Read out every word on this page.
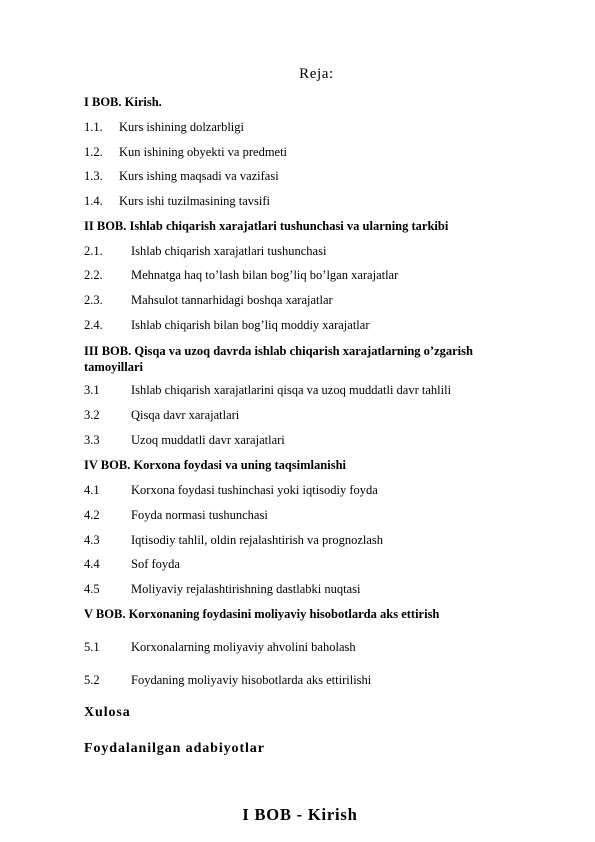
Reja:
I BOB. Kirish.
1.1. Kurs ishining dolzarbligi
1.2. Kun ishining obyekti va predmeti
1.3. Kurs ishing maqsadi va vazifasi
1.4. Kurs ishi tuzilmasining tavsifi
II BOB. Ishlab chiqarish xarajatlari tushunchasi va ularning tarkibi
2.1. Ishlab chiqarish xarajatlari tushunchasi
2.2. Mehnatga haq to’lash bilan bog’liq bo’lgan xarajatlar
2.3. Mahsulot tannarhidagi boshqa xarajatlar
2.4. Ishlab chiqarish bilan bog’liq moddiy xarajatlar
III BOB. Qisqa va uzoq davrda ishlab chiqarish xarajatlarning o’zgarish tamoyillari
3.1	Ishlab chiqarish xarajatlarini qisqa va uzoq muddatli davr tahlili
3.2	Qisqa davr xarajatlari
3.3	Uzoq muddatli davr xarajatlari
IV BOB. Korxona foydasi va uning taqsimlanishi
4.1	Korxona foydasi tushinchasi yoki iqtisodiy foyda
4.2	Foyda normasi tushunchasi
4.3	Iqtisodiy tahlil, oldin rejalashtirish va prognozlash
4.4	Sof foyda
4.5	Moliyaviy rejalashtirishning dastlabki nuqtasi
V BOB. Korxonaning foydasini moliyaviy hisobotlarda aks ettirish
5.1	Korxonalarning moliyaviy ahvolini baholash
5.2	Foydaning moliyaviy hisobotlarda aks ettirilishi
Xulosa
Foydalanilgan adabiyotlar
I BOB - Kirish
